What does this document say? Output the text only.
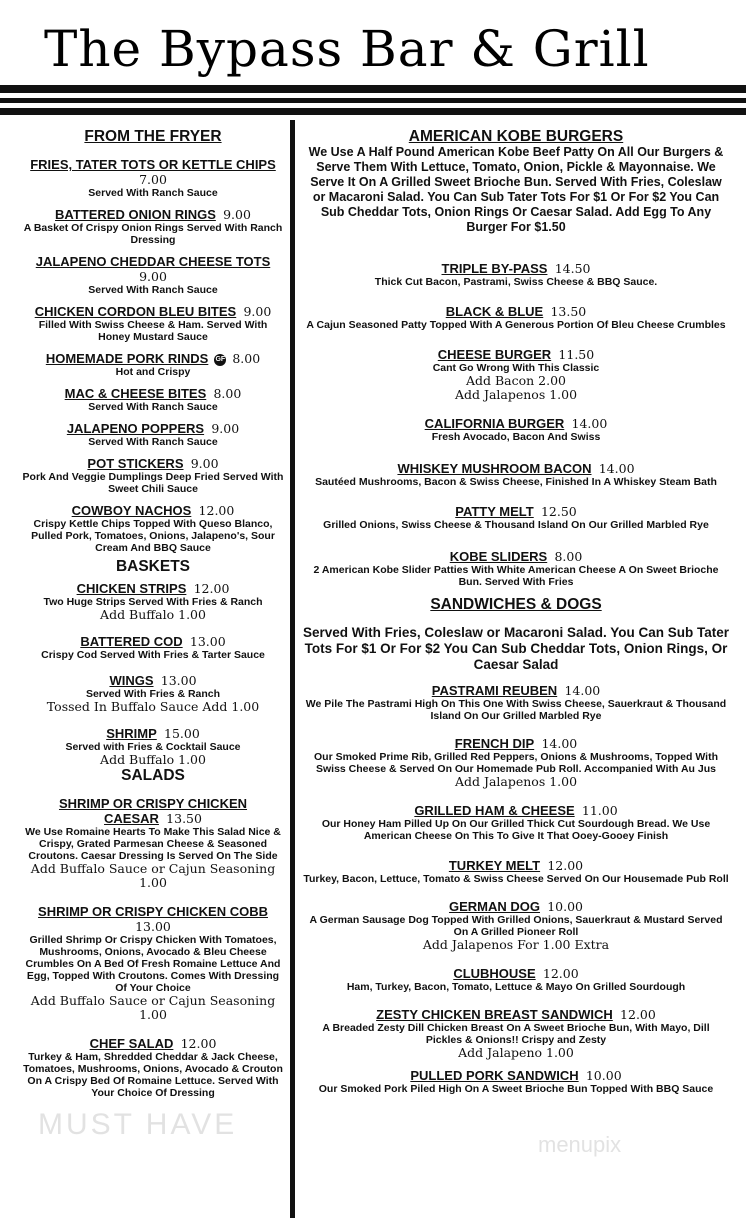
The Bypass Bar & Grill
FROM THE FRYER
FRIES, TATER TOTS OR KETTLE CHIPS
7.00
Served With Ranch Sauce
BATTERED ONION RINGS 9.00
A Basket Of Crispy Onion Rings Served With Ranch Dressing
JALAPENO CHEDDAR CHEESE TOTS
9.00
Served With Ranch Sauce
CHICKEN CORDON BLEU BITES 9.00
Filled With Swiss Cheese & Ham. Served With Honey Mustard Sauce
HOMEMADE PORK RINDS GF 8.00
Hot and Crispy
MAC & CHEESE BITES 8.00
Served With Ranch Sauce
JALAPENO POPPERS 9.00
Served With Ranch Sauce
POT STICKERS 9.00
Pork And Veggie Dumplings Deep Fried Served With Sweet Chili Sauce
COWBOY NACHOS 12.00
Crispy Kettle Chips Topped With Queso Blanco, Pulled Pork, Tomatoes, Onions, Jalapeno's, Sour Cream And BBQ Sauce
BASKETS
CHICKEN STRIPS 12.00
Two Huge Strips Served With Fries & Ranch
Add Buffalo 1.00
BATTERED COD 13.00
Crispy Cod Served With Fries & Tarter Sauce
WINGS 13.00
Served With Fries & Ranch
Tossed In Buffalo Sauce Add 1.00
SHRIMP 15.00
Served with Fries & Cocktail Sauce
Add Buffalo 1.00
SALADS
SHRIMP OR CRISPY CHICKEN
CAESAR 13.50
We Use Romaine Hearts To Make This Salad Nice & Crispy, Grated Parmesan Cheese & Seasoned Croutons. Caesar Dressing Is Served On The Side
Add Buffalo Sauce or Cajun Seasoning 1.00
SHRIMP OR CRISPY CHICKEN COBB
13.00
Grilled Shrimp Or Crispy Chicken With Tomatoes, Mushrooms, Onions, Avocado & Bleu Cheese Crumbles On A Bed Of Fresh Romaine Lettuce And Egg, Topped With Croutons. Comes With Dressing Of Your Choice
Add Buffalo Sauce or Cajun Seasoning 1.00
CHEF SALAD 12.00
Turkey & Ham, Shredded Cheddar & Jack Cheese, Tomatoes, Mushrooms, Onions, Avocado & Crouton On A Crispy Bed Of Romaine Lettuce. Served With Your Choice Of Dressing
AMERICAN KOBE BURGERS
We Use A Half Pound American Kobe Beef Patty On All Our Burgers & Serve Them With Lettuce, Tomato, Onion, Pickle & Mayonnaise. We Serve It On A Grilled Sweet Brioche Bun. Served With Fries, Coleslaw or Macaroni Salad. You Can Sub Tater Tots For $1 Or For $2 You Can Sub Cheddar Tots, Onion Rings Or Caesar Salad. Add Egg To Any Burger For $1.50
TRIPLE BY-PASS 14.50
Thick Cut Bacon, Pastrami, Swiss Cheese & BBQ Sauce.
BLACK & BLUE 13.50
A Cajun Seasoned Patty Topped With A Generous Portion Of Bleu Cheese Crumbles
CHEESE BURGER 11.50
Cant Go Wrong With This Classic
Add Bacon 2.00
Add Jalapenos 1.00
CALIFORNIA BURGER 14.00
Fresh Avocado, Bacon And Swiss
WHISKEY MUSHROOM BACON 14.00
Sautéed Mushrooms, Bacon & Swiss Cheese, Finished In A Whiskey Steam Bath
PATTY MELT 12.50
Grilled Onions, Swiss Cheese & Thousand Island On Our Grilled Marbled Rye
KOBE SLIDERS 8.00
2 American Kobe Slider Patties With White American Cheese A On Sweet Brioche Bun. Served With Fries
SANDWICHES & DOGS
Served With Fries, Coleslaw or Macaroni Salad. You Can Sub Tater Tots For $1 Or For $2 You Can Sub Cheddar Tots, Onion Rings, Or Caesar Salad
PASTRAMI REUBEN 14.00
We Pile The Pastrami High On This One With Swiss Cheese, Sauerkraut & Thousand Island On Our Grilled Marbled Rye
FRENCH DIP 14.00
Our Smoked Prime Rib, Grilled Red Peppers, Onions & Mushrooms, Topped With Swiss Cheese & Served On Our Homemade Pub Roll. Accompanied With Au Jus
Add Jalapenos 1.00
GRILLED HAM & CHEESE 11.00
Our Honey Ham Pilled Up On Our Grilled Thick Cut Sourdough Bread. We Use American Cheese On This To Give It That Ooey-Gooey Finish
TURKEY MELT 12.00
Turkey, Bacon, Lettuce, Tomato & Swiss Cheese Served On Our Housemade Pub Roll
GERMAN DOG 10.00
A German Sausage Dog Topped With Grilled Onions, Sauerkraut & Mustard Served On A Grilled Pioneer Roll
Add Jalapenos For 1.00 Extra
CLUBHOUSE 12.00
Ham, Turkey, Bacon, Tomato, Lettuce & Mayo On Grilled Sourdough
ZESTY CHICKEN BREAST SANDWICH 12.00
A Breaded Zesty Dill Chicken Breast On A Sweet Brioche Bun, With Mayo, Dill Pickles & Onions!! Crispy and Zesty
Add Jalapeno 1.00
PULLED PORK SANDWICH 10.00
Our Smoked Pork Piled High On A Sweet Brioche Bun Topped With BBQ Sauce
MUST HAVE
menupix
